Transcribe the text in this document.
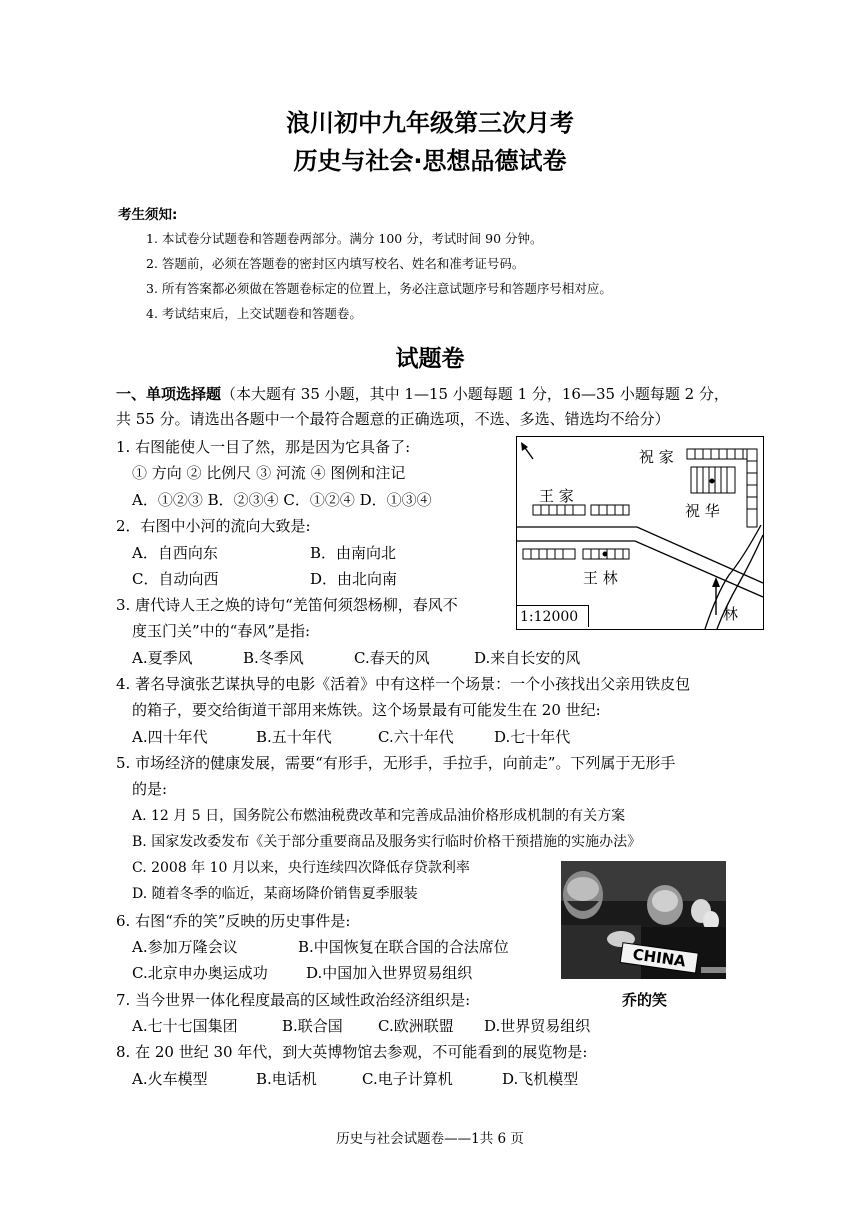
浪川初中九年级第三次月考
历史与社会·思想品德试卷
考生须知:
1. 本试卷分试题卷和答题卷两部分。满分 100 分，考试时间 90 分钟。
2. 答题前，必须在答题卷的密封区内填写校名、姓名和准考证号码。
3. 所有答案都必须做在答题卷标定的位置上，务必注意试题序号和答题序号相对应。
4. 考试结束后，上交试题卷和答题卷。
试题卷
一、单项选择题（本大题有 35 小题，其中 1—15 小题每题 1 分，16—35 小题每题 2 分，
共 55 分。请选出各题中一个最符合题意的正确选项，不选、多选、错选均不给分）
1. 右图能使人一目了然，那是因为它具备了:
① 方向 ② 比例尺 ③ 河流 ④ 图例和注记
A．①②③ B．②③④ C．①②④ D．①③④
2．右图中小河的流向大致是:
A．自西向东	B．由南向北
C．自动向西	D．由北向南
3. 唐代诗人王之焕的诗句“羌笛何须怨杨柳，春风不
度玉门关”中的“春风”是指:
A.夏季风	B.冬季风	C.春天的风	D.来自长安的风
4. 著名导演张艺谋执导的电影《活着》中有这样一个场景：一个小孩找出父亲用铁皮包
的箱子，要交给街道干部用来炼铁。这个场景最有可能发生在 20 世纪:
A.四十年代	B.五十年代	C.六十年代	D.七十年代
5. 市场经济的健康发展，需要“有形手，无形手，手拉手，向前走”。下列属于无形手
的是:
A. 12 月 5 日，国务院公布燃油税费改革和完善成品油价格形成机制的有关方案
B. 国家发改委发布《关于部分重要商品及服务实行临时价格干预措施的实施办法》
C. 2008 年 10 月以来，央行连续四次降低存贷款利率
D. 随着冬季的临近，某商场降价销售夏季服装
6. 右图“乔的笑”反映的历史事件是:
A.参加万隆会议	B.中国恢复在联合国的合法席位
C.北京申办奥运成功	D.中国加入世界贸易组织
7. 当今世界一体化程度最高的区域性政治经济组织是:	乔的笑
A.七十七国集团	B.联合国 C.欧洲联盟 D.世界贸易组织
8. 在 20 世纪 30 年代，到大英博物馆去参观，不可能看到的展览物是:
A.火车模型	B.电话机	C.电子计算机	D.飞机模型
祝 家
王 家
祝 华
王 林
林
1:12000
CHINA
历史与社会试题卷——1共 6 页
